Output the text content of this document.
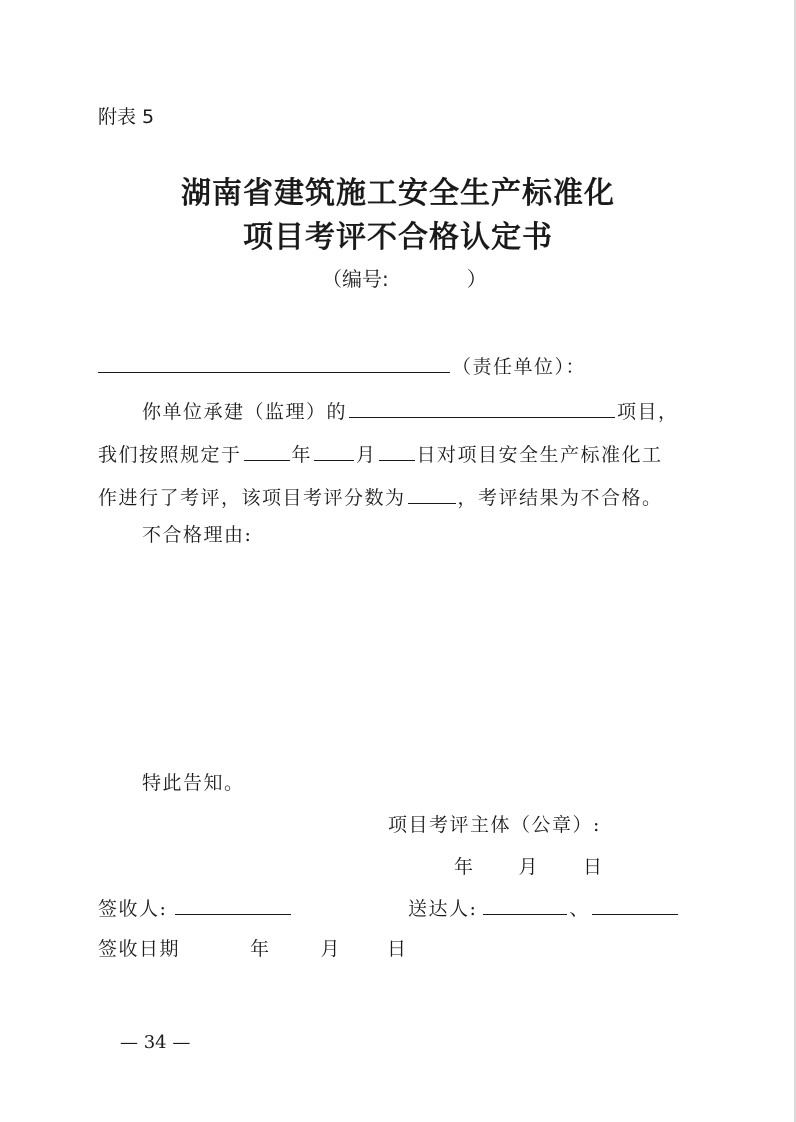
附表 5
湖南省建筑施工安全生产标准化
项目考评不合格认定书
（编号:	）
（责任单位）：
你单位承建（监理）的	项目，
我们按照规定于	年 月 日对项目安全生产标准化工
作进行了考评，该项目考评分数为	，考评结果为不合格。
不合格理由:
特此告知。
项目考评主体（公章）:
年 月 日
签收人:	送达人:	、
签收日期	年	月 日
— 34 —
